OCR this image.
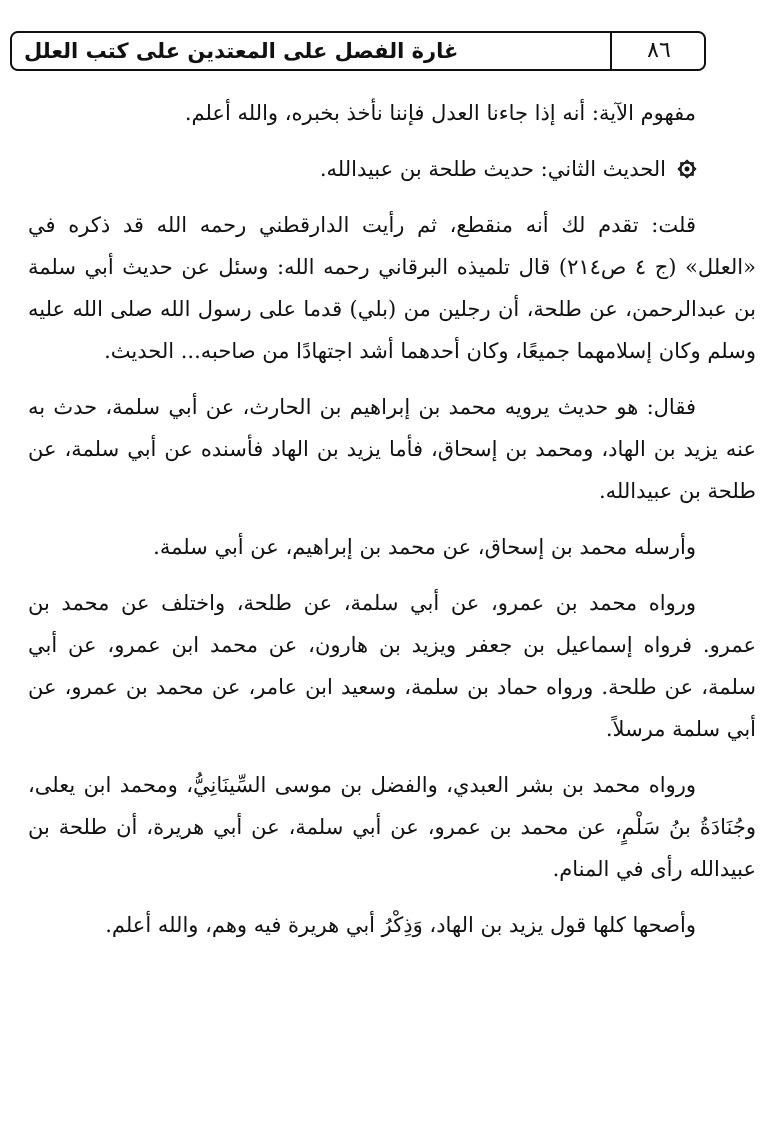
غارة الفصل على المعتدين على كتب العلل	٨٦

مفهوم الآية: أنه إذا جاءنا العدل فإننا نأخذ بخبره، والله أعلم.

الحديث الثاني: حديث طلحة بن عبيدالله.

قلت: تقدم لك أنه منقطع، ثم رأيت الدارقطني رحمه الله قد ذكره في «العلل» (ج ٤ ص٢١٤) قال تلميذه البرقاني رحمه الله: وسئل عن حديث أبي سلمة بن عبدالرحمن، عن طلحة، أن رجلين من (بلي) قدما على رسول الله صلى الله عليه وسلم وكان إسلامهما جميعًا، وكان أحدهما أشد اجتهادًا من صاحبه... الحديث.

فقال: هو حديث يرويه محمد بن إبراهيم بن الحارث، عن أبي سلمة، حدث به عنه يزيد بن الهاد، ومحمد بن إسحاق، فأما يزيد بن الهاد فأسنده عن أبي سلمة، عن طلحة بن عبيدالله.

وأرسله محمد بن إسحاق، عن محمد بن إبراهيم، عن أبي سلمة.

ورواه محمد بن عمرو، عن أبي سلمة، عن طلحة، واختلف عن محمد بن عمرو. فرواه إسماعيل بن جعفر ويزيد بن هارون، عن محمد ابن عمرو، عن أبي سلمة، عن طلحة. ورواه حماد بن سلمة، وسعيد ابن عامر، عن محمد بن عمرو، عن أبي سلمة مرسلاً.

ورواه محمد بن بشر العبدي، والفضل بن موسى السِّينَانِيُّ، ومحمد ابن يعلى، وجُنَادَةُ بنُ سَلْمٍ، عن محمد بن عمرو، عن أبي سلمة، عن أبي هريرة، أن طلحة بن عبيدالله رأى في المنام.

وأصحها كلها قول يزيد بن الهاد، وَذِكْرُ أبي هريرة فيه وهم، والله أعلم.
